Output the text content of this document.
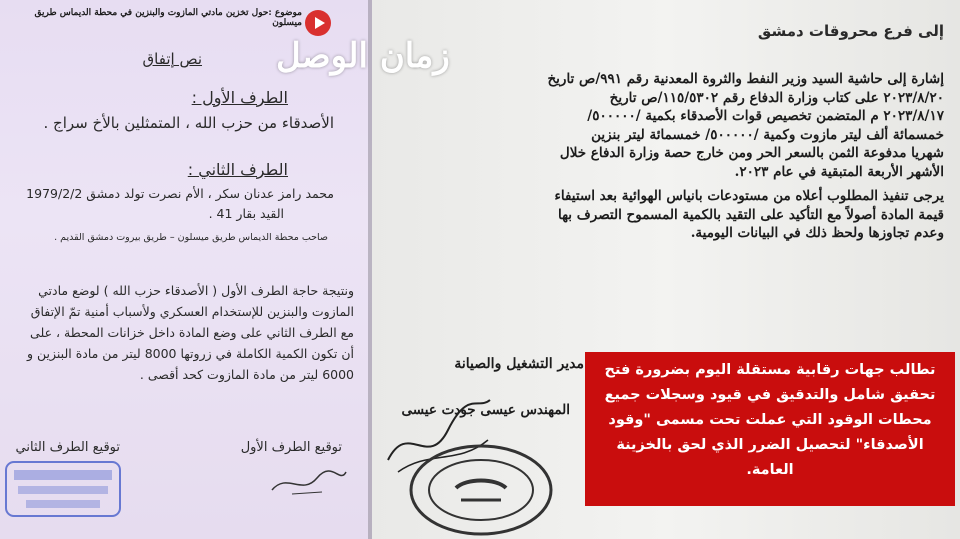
موضوع :حول تخزين مادتي المازوت والبنزين في محطة الديماس طريق ميسلون
نص إتفاق
الطرف الأول :
الأصدقاء من حزب الله ، المتمثلين بالأخ سراج .
الطرف الثاني :
محمد رامز عدنان سكر ، الأم نصرت تولد دمشق 1979/2/2
القيد بقار 41 .
صاحب محطة الديماس طريق ميسلون – طريق بيروت دمشق القديم .
ونتيجة حاجة الطرف الأول ( الأصدقاء حزب الله ) لوضع مادتي
المازوت والبنزين للإستخدام العسكري ولأسباب أمنية تمّ الإتفاق
مع الطرف الثاني على وضع المادة داخل خزانات المحطة ، على
أن تكون الكمية الكاملة في زروتها 8000 ليتر من مادة البنزين و
6000 ليتر من مادة المازوت كحد أقصى .
توقيع الطرف الثاني	توقيع الطرف الأول
إلى فرع محروقات دمشق
إشارة إلى حاشية السيد وزير النفط والثروة المعدنية رقم ٩٩١/ص تاريخ
٢٠٢٣/٨/٢٠ على كتاب وزارة الدفاع رقم ١١٥/٥٣٠٢/ص تاريخ
٢٠٢٣/٨/١٧ م المتضمن تخصيص قوات الأصدقاء بكمية /٥٠٠٠٠٠/
خمسمائة ألف ليتر مازوت وكمية /٥٠٠٠٠٠/ خمسمائة ليتر بنزين
شهريا مدفوعة الثمن بالسعر الحر ومن خارج حصة وزارة الدفاع خلال
الأشهر الأربعة المتبقية في عام ٢٠٢٣.
يرجى تنفيذ المطلوب أعلاه من مستودعات بانياس الهوائية بعد استيفاء
قيمة المادة أصولاً مع التأكيد على التقيد بالكمية المسموح التصرف بها
وعدم تجاوزها ولحظ ذلك في البيانات اليومية.
مدير التشغيل والصيانة
المهندس عيسى جودت عيسى
زمان الوصل
تطالب جهات رقابية مستقلة اليوم بضرورة فتح تحقيق شامل والتدقيق في قيود وسجلات جميع محطات الوقود التي عملت تحت مسمى "وقود الأصدقاء" لتحصيل الضرر الذي لحق بالخزينة العامة.
